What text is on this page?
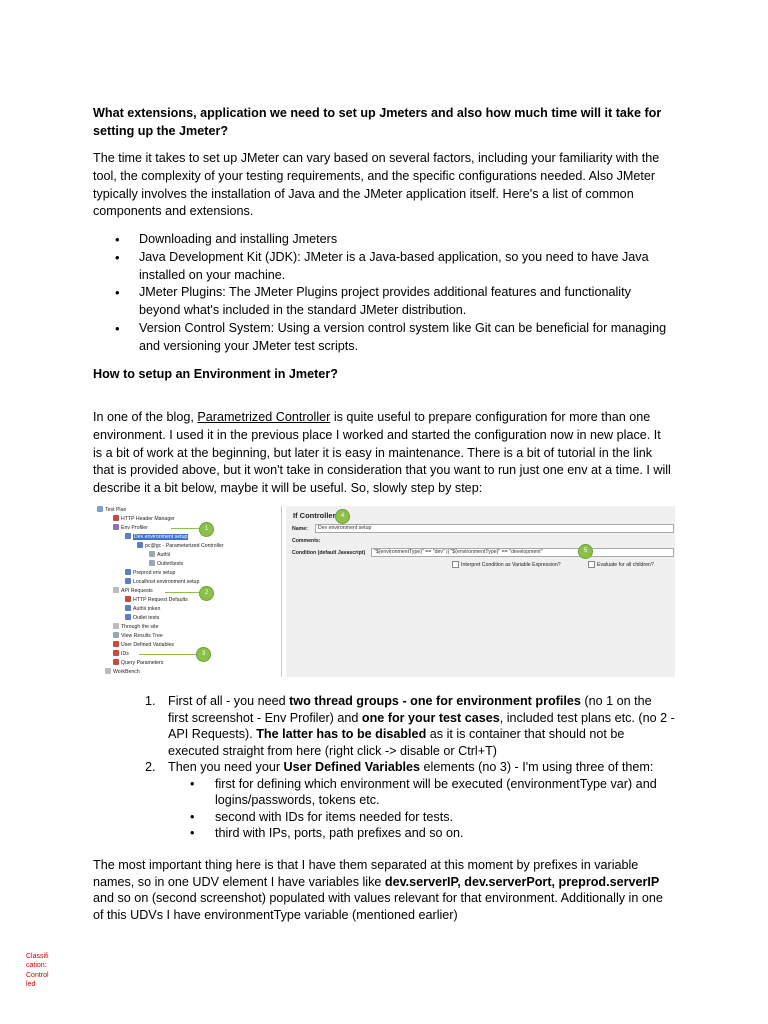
What extensions, application we need to set up Jmeters and also how much time will it take for setting up the Jmeter?
The time it takes to set up JMeter can vary based on several factors, including your familiarity with the tool, the complexity of your testing requirements, and the specific configurations needed. Also JMeter typically involves the installation of Java and the JMeter application itself. Here's a list of common components and extensions.
• Downloading and installing Jmeters
• Java Development Kit (JDK): JMeter is a Java-based application, so you need to have Java installed on your machine.
• JMeter Plugins: The JMeter Plugins project provides additional features and functionality beyond what's included in the standard JMeter distribution.
• Version Control System: Using a version control system like Git can be beneficial for managing and versioning your JMeter test scripts.
How to setup an Environment in Jmeter?
In one of the blog, Parametrized Controller is quite useful to prepare configuration for more than one environment. I used it in the previous place I worked and started the configuration now in new place. It is a bit of work at the beginning, but later it is easy in maintenance. There is a bit of tutorial in the link that is provided above, but it won't take in consideration that you want to run just one env at a time. I will describe it a bit below, maybe it will be useful. So, slowly step by step:
Test Plan
HTTP Header Manager
Env Profiler
Dev environment setup
pc@gc - Parameterized Controller
Auth\i
Outlet\tests
Preprod env setup
Localhost environment setup
API Requests
HTTP Request Defaults
Auth\i token
Outlet tests
Through the site
View Results Tree
User Defined Variables
IDs
Query Parameters
WorkBench
1
2
3
If Controller 4
Name:	Dev environment setup
Comments:
Condition (default Javascript)	"${environmentType}" == "dev" || "${environmentType}" == "development"	5
Interpret Condition as Variable Expression?	Evaluate for all children?
1. First of all - you need two thread groups - one for environment profiles (no 1 on the first screenshot - Env Profiler) and one for your test cases, included test plans etc. (no 2 - API Requests). The latter has to be disabled as it is container that should not be executed straight from here (right click -> disable or Ctrl+T)
2. Then you need your User Defined Variables elements (no 3) - I'm using three of them:
• first for defining which environment will be executed (environmentType var) and logins/passwords, tokens etc.
• second with IDs for items needed for tests.
• third with IPs, ports, path prefixes and so on.
The most important thing here is that I have them separated at this moment by prefixes in variable names, so in one UDV element I have variables like dev.serverIP, dev.serverPort, preprod.serverIP and so on (second screenshot) populated with values relevant for that environment. Additionally in one of this UDVs I have environmentType variable (mentioned earlier)
Classification: Controlled
